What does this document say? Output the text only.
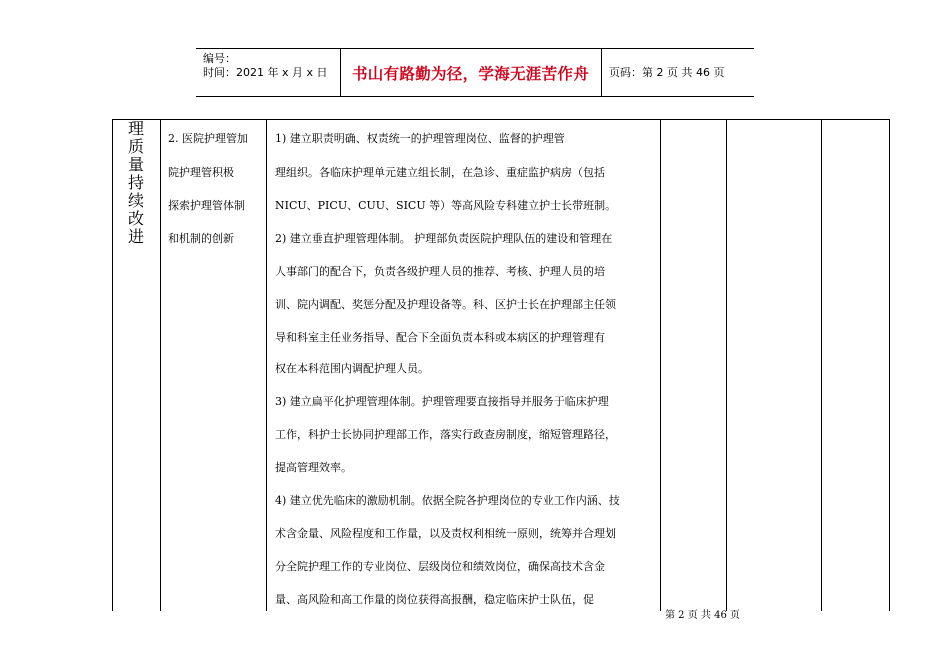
编号：
时间：2021 年 x 月 x 日 书山有路勤为径，学海无涯苦作舟 页码：第 2 页 共 46 页
理
质
量
持
续
改
进
2. 医院护理管加
院护理管积极
探索护理管体制
和机制的创新
1) 建立职责明确、权责统一的护理管理岗位、监督的护理管
理组织。各临床护理单元建立组长制，在急诊、重症监护病房（包括
NICU、PICU、CUU、SICU 等）等高风险专科建立护士长带班制。
2) 建立垂直护理管理体制。 护理部负责医院护理队伍的建设和管理在
人事部门的配合下，负责各级护理人员的推荐、考核、护理人员的培
训、院内调配、奖惩分配及护理设备等。科、区护士长在护理部主任领
导和科室主任业务指导、配合下全面负责本科或本病区的护理管理有
权在本科范围内调配护理人员。
3) 建立扁平化护理管理体制。护理管理要直接指导并服务于临床护理
工作，科护士长协同护理部工作，落实行政查房制度，缩短管理路径，
提高管理效率。
4) 建立优先临床的激励机制。依据全院各护理岗位的专业工作内涵、技
术含金量、风险程度和工作量，以及责权利相统一原则，统筹并合理划
分全院护理工作的专业岗位、层级岗位和绩效岗位，确保高技术含金
量、高风险和高工作量的岗位获得高报酬，稳定临床护士队伍，促
第 2 页 共 46 页
